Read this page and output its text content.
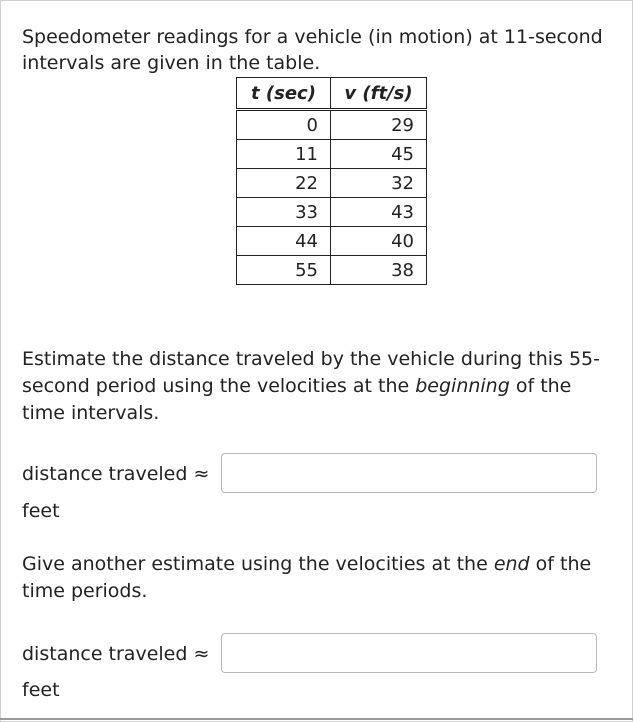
Speedometer readings for a vehicle (in motion) at 11-second intervals are given in the table.
t (sec)	v (ft/s)
0	29
11	45
22	32
33	43
44	40
55	38
Estimate the distance traveled by the vehicle during this 55-second period using the velocities at the beginning of the time intervals.
distance traveled ≈
feet
Give another estimate using the velocities at the end of the time periods.
distance traveled ≈
feet
